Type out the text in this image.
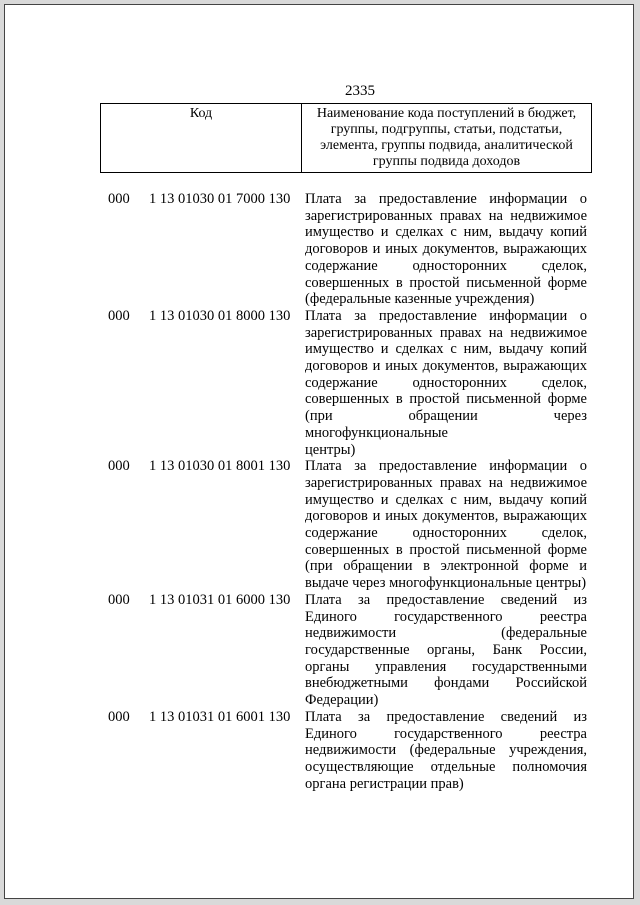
2335
Код	Наименование кода поступлений в бюджет, группы, подгруппы, статьи, подстатьи, элемента, группы подвида, аналитической группы подвида доходов
000 1 13 01030 01 7000 130 Плата за предоставление информации о
зарегистрированных правах на недвижимое
имущество и сделках с ним, выдачу копий
договоров и иных документов, выражающих
содержание односторонних сделок,
совершенных в простой письменной форме
(федеральные казенные учреждения)
000 1 13 01030 01 8000 130 Плата за предоставление информации о
зарегистрированных правах на недвижимое
имущество и сделках с ним, выдачу копий
договоров и иных документов, выражающих
содержание односторонних сделок,
совершенных в простой письменной форме
(при обращении через многофункциональные
центры)
000 1 13 01030 01 8001 130 Плата за предоставление информации о
зарегистрированных правах на недвижимое
имущество и сделках с ним, выдачу копий
договоров и иных документов, выражающих
содержание односторонних сделок,
совершенных в простой письменной форме
(при обращении в электронной форме и
выдаче через многофункциональные центры)
000 1 13 01031 01 6000 130 Плата за предоставление сведений из
Единого государственного реестра
недвижимости (федеральные
государственные органы, Банк России,
органы управления государственными
внебюджетными фондами Российской
Федерации)
000 1 13 01031 01 6001 130 Плата за предоставление сведений из
Единого государственного реестра
недвижимости (федеральные учреждения,
осуществляющие отдельные полномочия
органа регистрации прав)
